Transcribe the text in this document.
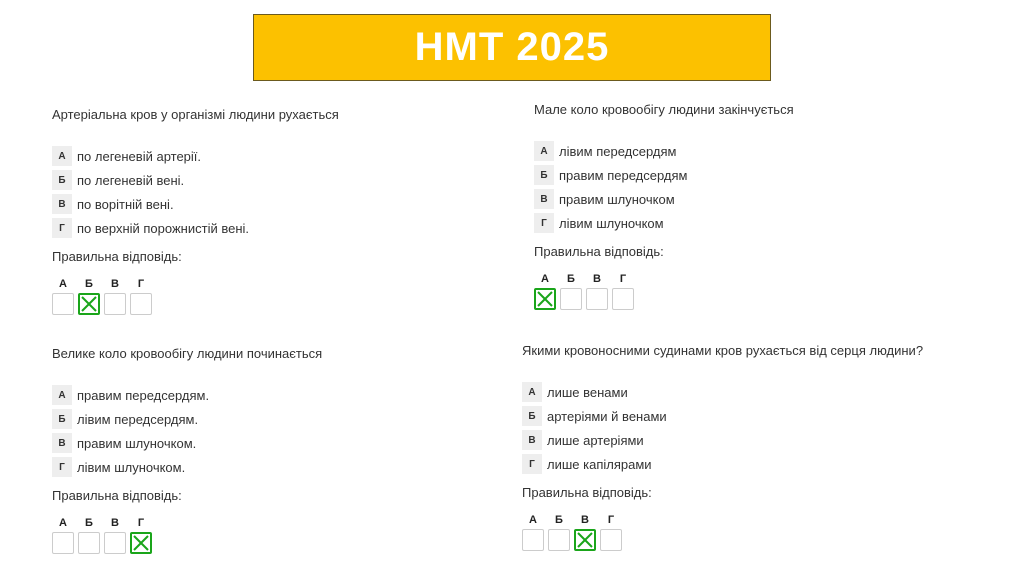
НМТ 2025
Артеріальна кров у організмі людини рухається
А по легеневій артерії.
Б по легеневій вені.
В по ворітній вені.
Г по верхній порожнистій вені.
Правильна відповідь:
А	Б	В	Г
Мале коло кровообігу людини закінчується
А лівим передсердям
Б правим передсердям
В правим шлуночком
Г лівим шлуночком
Правильна відповідь:
А	Б	В	Г
Велике коло кровообігу людини починається
А правим передсердям.
Б лівим передсердям.
В правим шлуночком.
Г лівим шлуночком.
Правильна відповідь:
А	Б	В	Г
Якими кровоносними судинами кров рухається від серця людини?
А лише венами
Б артеріями й венами
В лише артеріями
Г лише капілярами
Правильна відповідь:
А	Б	В	Г
